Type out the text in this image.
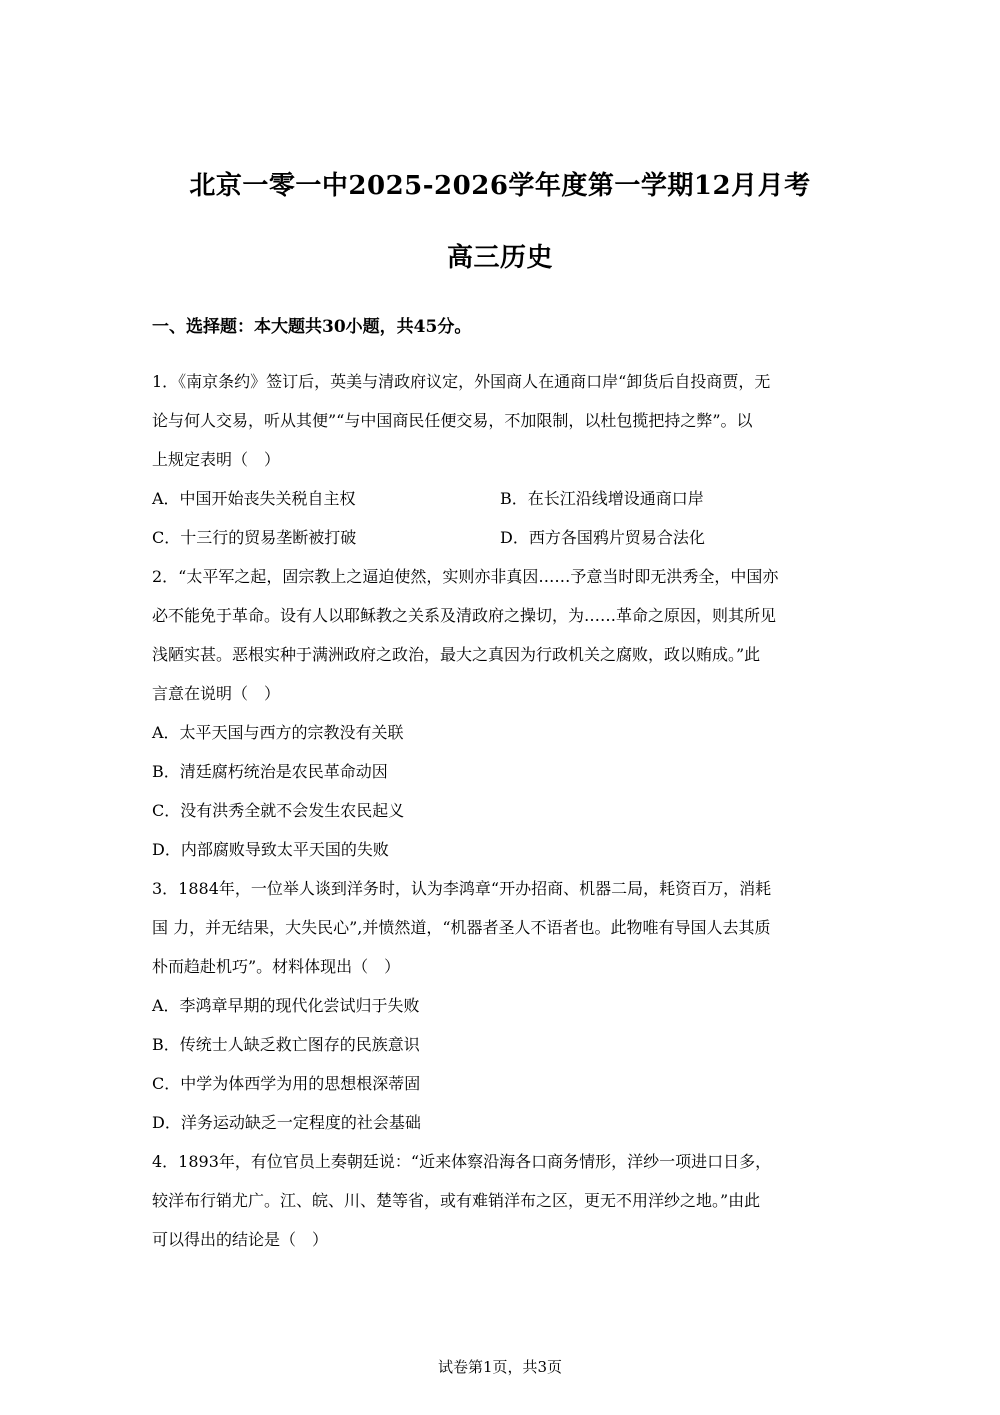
北京一零一中2025-2026学年度第一学期12月月考
高三历史
一、选择题：本大题共30小题，共45分。
1．《南京条约》签订后，英美与清政府议定，外国商人在通商口岸“卸货后自投商贾，无
论与何人交易，听从其便”“与中国商民任便交易，不加限制，以杜包揽把持之弊”。以
上规定表明（　）
A．中国开始丧失关税自主权	B．在长江沿线增设通商口岸
C．十三行的贸易垄断被打破	D．西方各国鸦片贸易合法化
2．“太平军之起，固宗教上之逼迫使然，实则亦非真因……予意当时即无洪秀全，中国亦
必不能免于革命。设有人以耶稣教之关系及清政府之操切，为……革命之原因，则其所见
浅陋实甚。恶根实种于满洲政府之政治，最大之真因为行政机关之腐败，政以贿成。”此
言意在说明（　）
A．太平天国与西方的宗教没有关联
B．清廷腐朽统治是农民革命动因
C．没有洪秀全就不会发生农民起义
D．内部腐败导致太平天国的失败
3．1884年，一位举人谈到洋务时，认为李鸿章“开办招商、机器二局，耗资百万，消耗
国 力，并无结果，大失民心”,并愤然道，“机器者圣人不语者也。此物唯有导国人去其质
朴而趋赴机巧”。材料体现出（　）
A．李鸿章早期的现代化尝试归于失败
B．传统士人缺乏救亡图存的民族意识
C．中学为体西学为用的思想根深蒂固
D．洋务运动缺乏一定程度的社会基础
4．1893年，有位官员上奏朝廷说：“近来体察沿海各口商务情形，洋纱一项进口日多，
较洋布行销尤广。江、皖、川、楚等省，或有难销洋布之区，更无不用洋纱之地。”由此
可以得出的结论是（　）
试卷第1页，共3页
